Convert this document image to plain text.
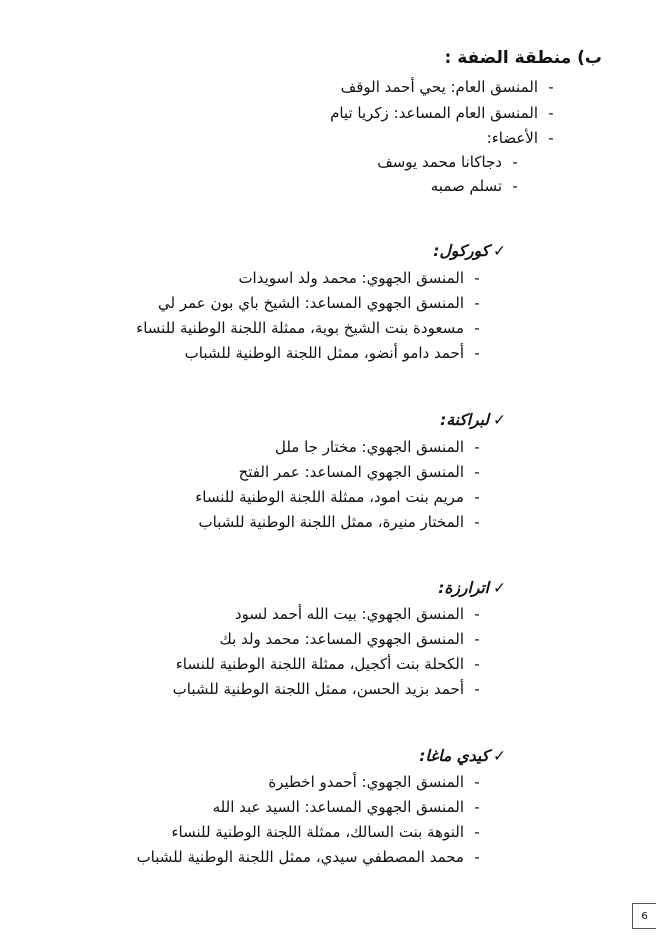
ب) منطقة الضفة :
-المنسق العام: يحي أحمد الوقف
-المنسق العام المساعد: زكريا تيام
-الأعضاء:
-دجاكانا محمد يوسف
-تسلم صمبه
✓كوركول:
-المنسق الجهوي: محمد ولد اسويدات
-المنسق الجهوي المساعد: الشيخ باي بون عمر لي
-مسعودة بنت الشيخ بوية، ممثلة اللجنة الوطنية للنساء
-أحمد دامو أنضو، ممثل اللجنة الوطنية للشباب
✓لبراكنة:
-المنسق الجهوي: مختار جا ملل
-المنسق الجهوي المساعد: عمر الفتح
-مريم بنت امود، ممثلة اللجنة الوطنية للنساء
-المختار منيرة، ممثل اللجنة الوطنية للشباب
✓اترارزة:
-المنسق الجهوي: بيت الله أحمد لسود
-المنسق الجهوي المساعد: محمد ولد بك
-الكحلة بنت أكجيل، ممثلة اللجنة الوطنية للنساء
-أحمد بزيد الحسن، ممثل اللجنة الوطنية للشباب
✓كيدي ماغا:
-المنسق الجهوي: أحمدو اخطيرة
-المنسق الجهوي المساعد: السيد عبد الله
-النوهة بنت السالك، ممثلة اللجنة الوطنية للنساء
-محمد المصطفي سيدي، ممثل اللجنة الوطنية للشباب
6
